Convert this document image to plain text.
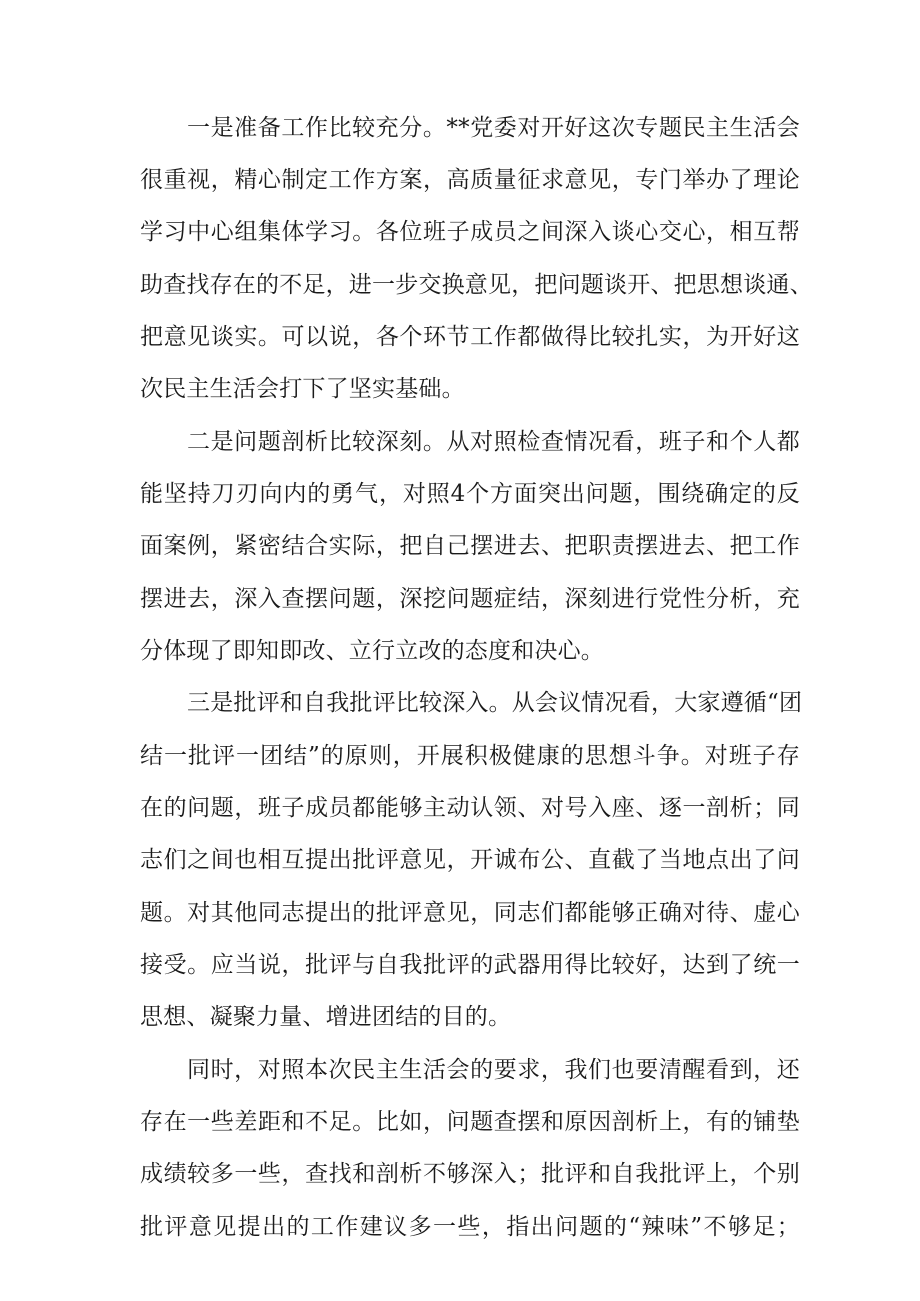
一是准备工作比较充分。**党委对开好这次专题民主生活会
很重视，精心制定工作方案，高质量征求意见，专门举办了理论
学习中心组集体学习。各位班子成员之间深入谈心交心，相互帮
助查找存在的不足，进一步交换意见，把问题谈开、把思想谈通、
把意见谈实。可以说，各个环节工作都做得比较扎实，为开好这
次民主生活会打下了坚实基础。
二是问题剖析比较深刻。从对照检查情况看，班子和个人都
能坚持刀刃向内的勇气，对照4个方面突出问题，围绕确定的反
面案例，紧密结合实际，把自己摆进去、把职责摆进去、把工作
摆进去，深入查摆问题，深挖问题症结，深刻进行党性分析，充
分体现了即知即改、立行立改的态度和决心。
三是批评和自我批评比较深入。从会议情况看，大家遵循“团
结一批评一团结”的原则，开展积极健康的思想斗争。对班子存
在的问题，班子成员都能够主动认领、对号入座、逐一剖析；同
志们之间也相互提出批评意见，开诚布公、直截了当地点出了问
题。对其他同志提出的批评意见，同志们都能够正确对待、虚心
接受。应当说，批评与自我批评的武器用得比较好，达到了统一
思想、凝聚力量、增进团结的目的。
同时，对照本次民主生活会的要求，我们也要清醒看到，还
存在一些差距和不足。比如，问题查摆和原因剖析上，有的铺垫
成绩较多一些，查找和剖析不够深入；批评和自我批评上，个别
批评意见提出的工作建议多一些，指出问题的“辣味”不够足；
